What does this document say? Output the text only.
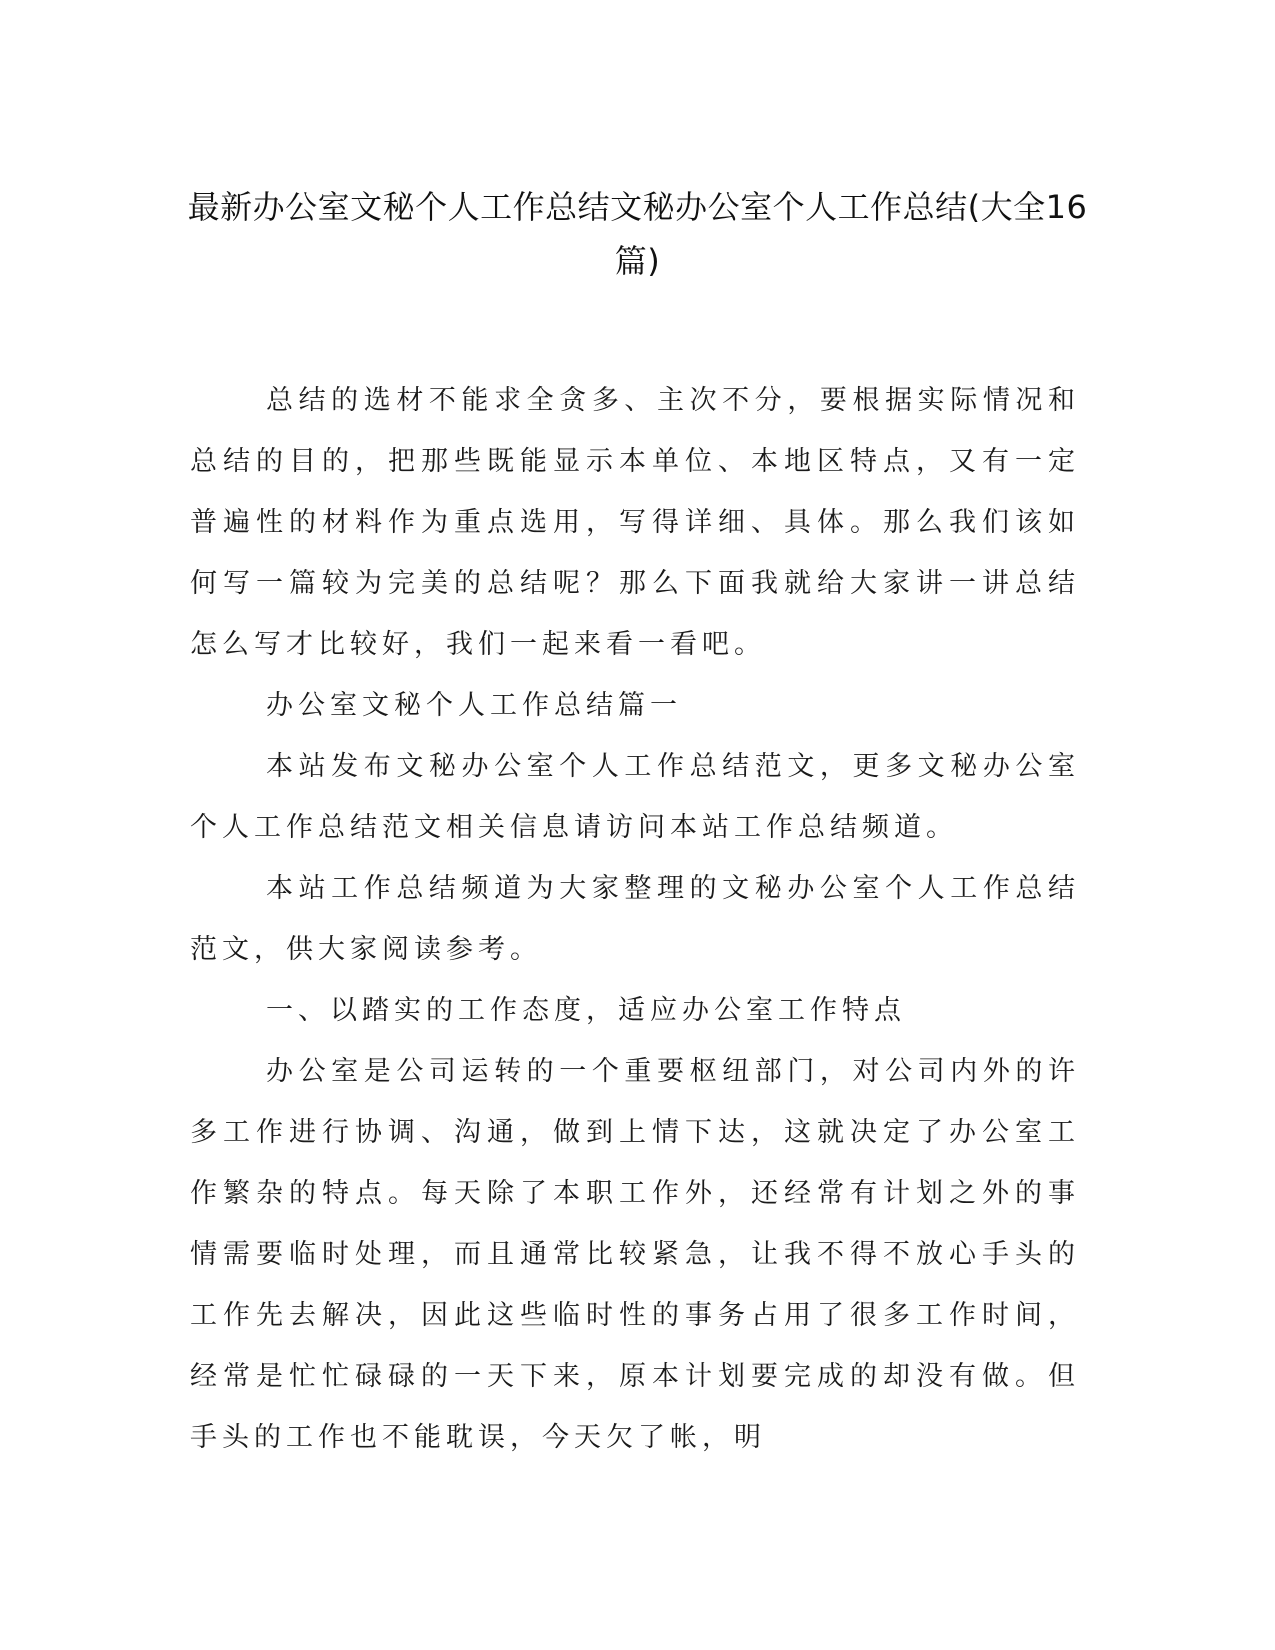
最新办公室文秘个人工作总结文秘办公室个人工作总结(大全16篇)

总结的选材不能求全贪多、主次不分，要根据实际情况和总结的目的，把那些既能显示本单位、本地区特点，又有一定普遍性的材料作为重点选用，写得详细、具体。那么我们该如何写一篇较为完美的总结呢？那么下面我就给大家讲一讲总结怎么写才比较好，我们一起来看一看吧。

办公室文秘个人工作总结篇一

本站发布文秘办公室个人工作总结范文，更多文秘办公室个人工作总结范文相关信息请访问本站工作总结频道。

本站工作总结频道为大家整理的文秘办公室个人工作总结范文，供大家阅读参考。

一、以踏实的工作态度，适应办公室工作特点

办公室是公司运转的一个重要枢纽部门，对公司内外的许多工作进行协调、沟通，做到上情下达，这就决定了办公室工作繁杂的特点。每天除了本职工作外，还经常有计划之外的事情需要临时处理，而且通常比较紧急，让我不得不放心手头的工作先去解决，因此这些临时性的事务占用了很多工作时间，经常是忙忙碌碌的一天下来，原本计划要完成的却没有做。但手头的工作也不能耽误，今天欠了帐，明
